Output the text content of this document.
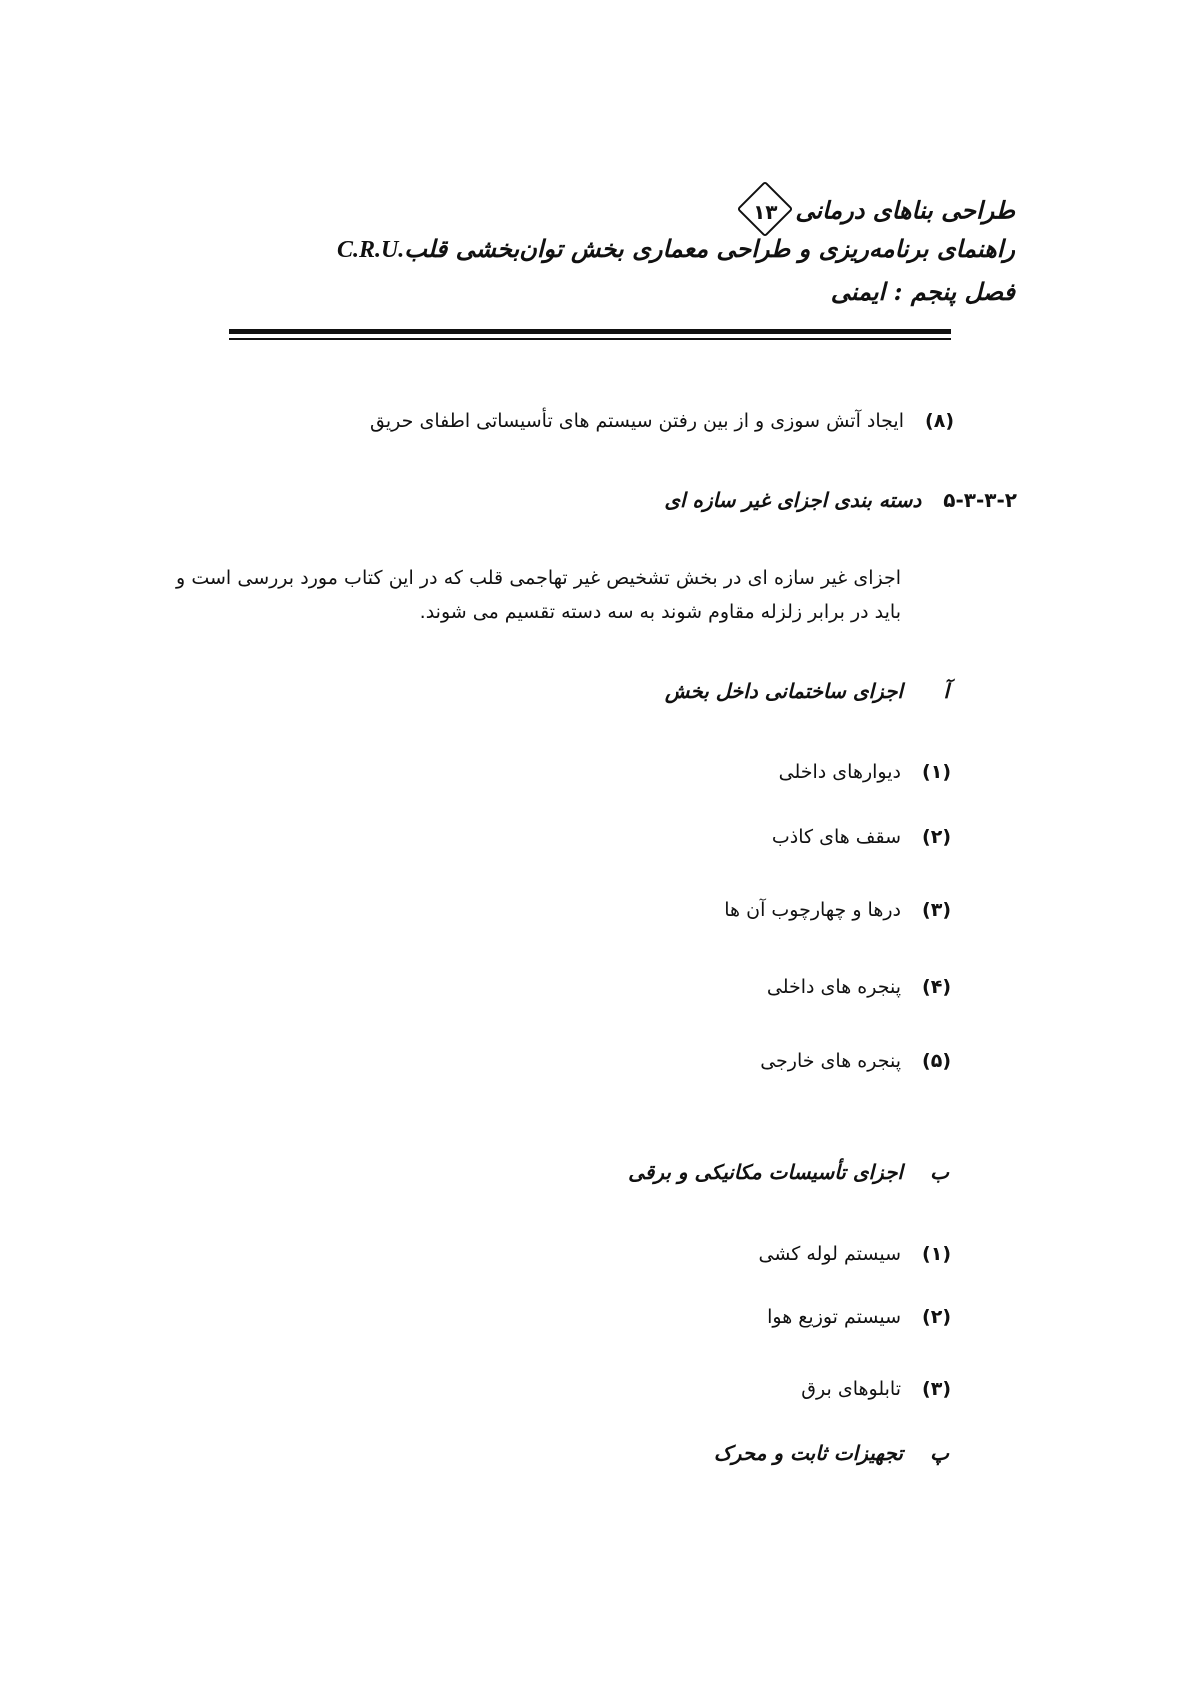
طراحی بناهای درمانی
۱۳
راهنمای برنامه‌ریزی و طراحی معماری بخش توان‌بخشی قلبC.R.U.
فصل پنجم : ایمنی
(۸)ایجاد آتش سوزی و از بین رفتن سیستم های تأسیساتی اطفای حریق
۵-۳-۳-۲دسته بندی اجزای غیر سازه ای
اجزای غیر سازه ای در بخش تشخیص غیر تهاجمی قلب که در این کتاب مورد بررسی است و باید در برابر زلزله مقاوم شوند به سه دسته تقسیم می شوند.
آاجزای ساختمانی داخل بخش
(۱)دیوارهای داخلی
(۲)سقف های کاذب
(۳)درها و چهارچوب آن ها
(۴)پنجره های داخلی
(۵)پنجره های خارجی
باجزای تأسیسات مکانیکی و برقی
(۱)سیستم لوله کشی
(۲)سیستم توزیع هوا
(۳)تابلوهای برق
پتجهیزات ثابت و محرک
